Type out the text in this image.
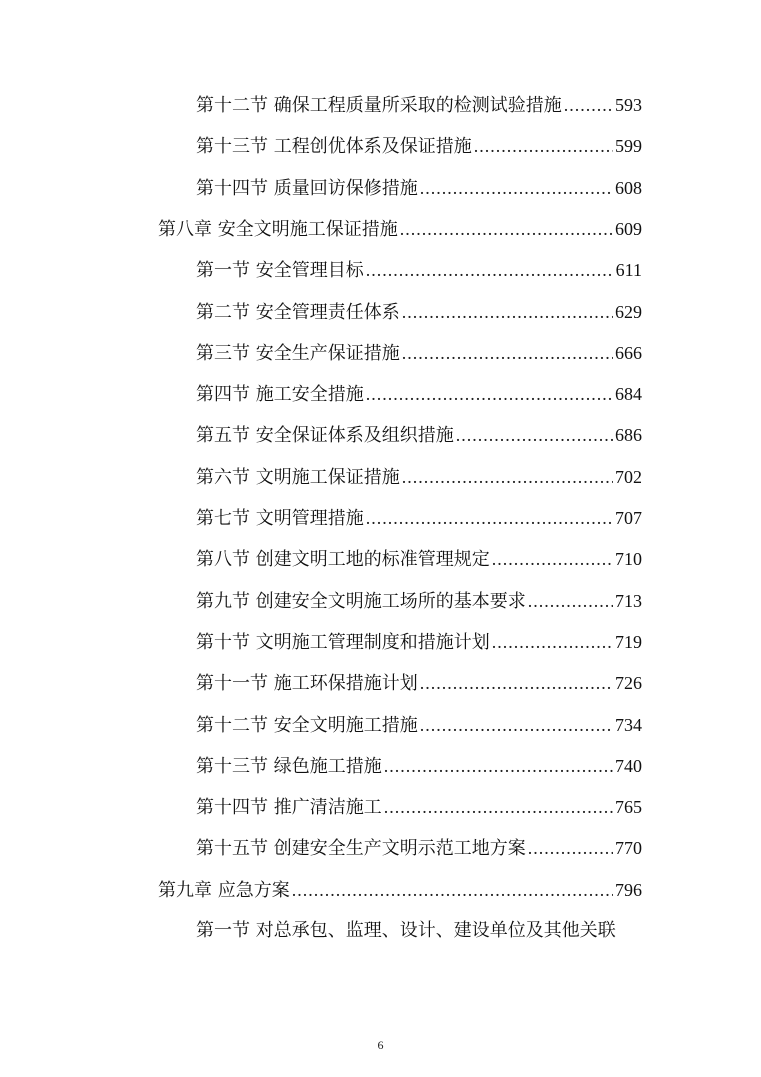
第十二节 确保工程质量所采取的检测试验措施 .....	593
第十三节 工程创优体系及保证措施 .....	599
第十四节 质量回访保修措施 .....	608
第八章 安全文明施工保证措施 .....	609
第一节 安全管理目标 .....	611
第二节 安全管理责任体系 .....	629
第三节 安全生产保证措施 .....	666
第四节 施工安全措施 .....	684
第五节 安全保证体系及组织措施 .....	686
第六节 文明施工保证措施 .....	702
第七节 文明管理措施 .....	707
第八节 创建文明工地的标准管理规定 .....	710
第九节 创建安全文明施工场所的基本要求 .....	713
第十节 文明施工管理制度和措施计划 .....	719
第十一节 施工环保措施计划 .....	726
第十二节 安全文明施工措施 .....	734
第十三节 绿色施工措施 .....	740
第十四节 推广清洁施工 .....	765
第十五节 创建安全生产文明示范工地方案 .....	770
第九章 应急方案 .....	796
第一节 对总承包、监理、设计、建设单位及其他关联
6
